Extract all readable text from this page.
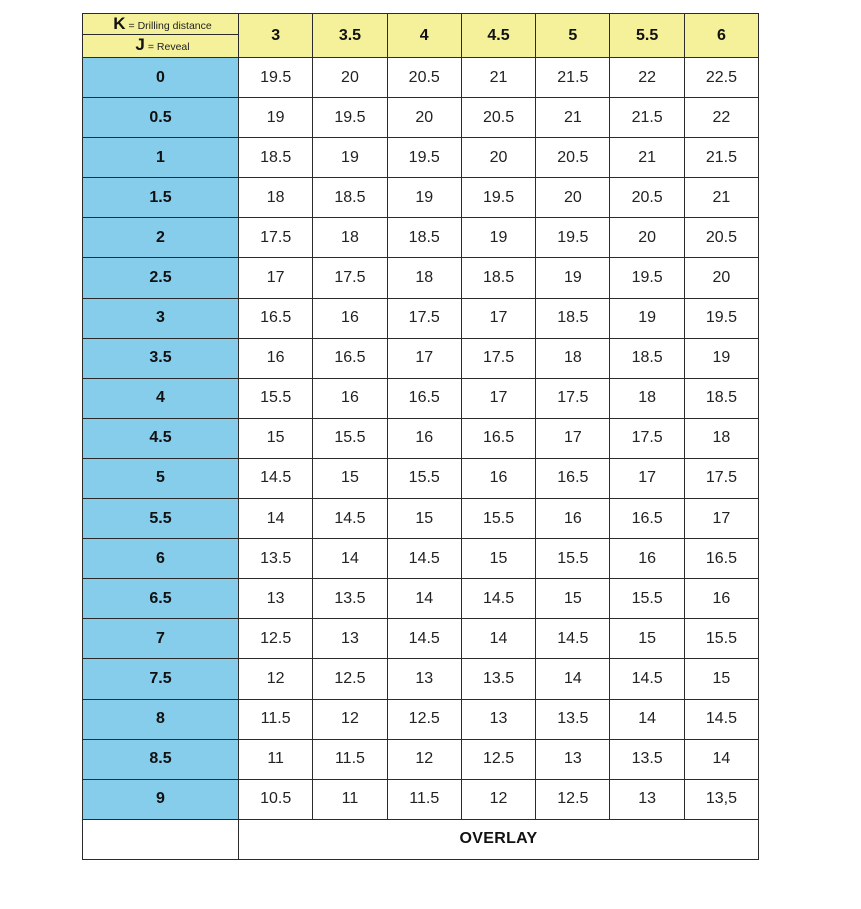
K = Drilling distance
J = Reveal	3	3.5	4	4.5	5	5.5	6
0	19.5	20	20.5	21	21.5	22	22.5
0.5	19	19.5	20	20.5	21	21.5	22
1	18.5	19	19.5	20	20.5	21	21.5
1.5	18	18.5	19	19.5	20	20.5	21
2	17.5	18	18.5	19	19.5	20	20.5
2.5	17	17.5	18	18.5	19	19.5	20
3	16.5	16	17.5	17	18.5	19	19.5
3.5	16	16.5	17	17.5	18	18.5	19
4	15.5	16	16.5	17	17.5	18	18.5
4.5	15	15.5	16	16.5	17	17.5	18
5	14.5	15	15.5	16	16.5	17	17.5
5.5	14	14.5	15	15.5	16	16.5	17
6	13.5	14	14.5	15	15.5	16	16.5
6.5	13	13.5	14	14.5	15	15.5	16
7	12.5	13	14.5	14	14.5	15	15.5
7.5	12	12.5	13	13.5	14	14.5	15
8	11.5	12	12.5	13	13.5	14	14.5
8.5	11	11.5	12	12.5	13	13.5	14
9	10.5	11	11.5	12	12.5	13	13,5
	OVERLAY						
